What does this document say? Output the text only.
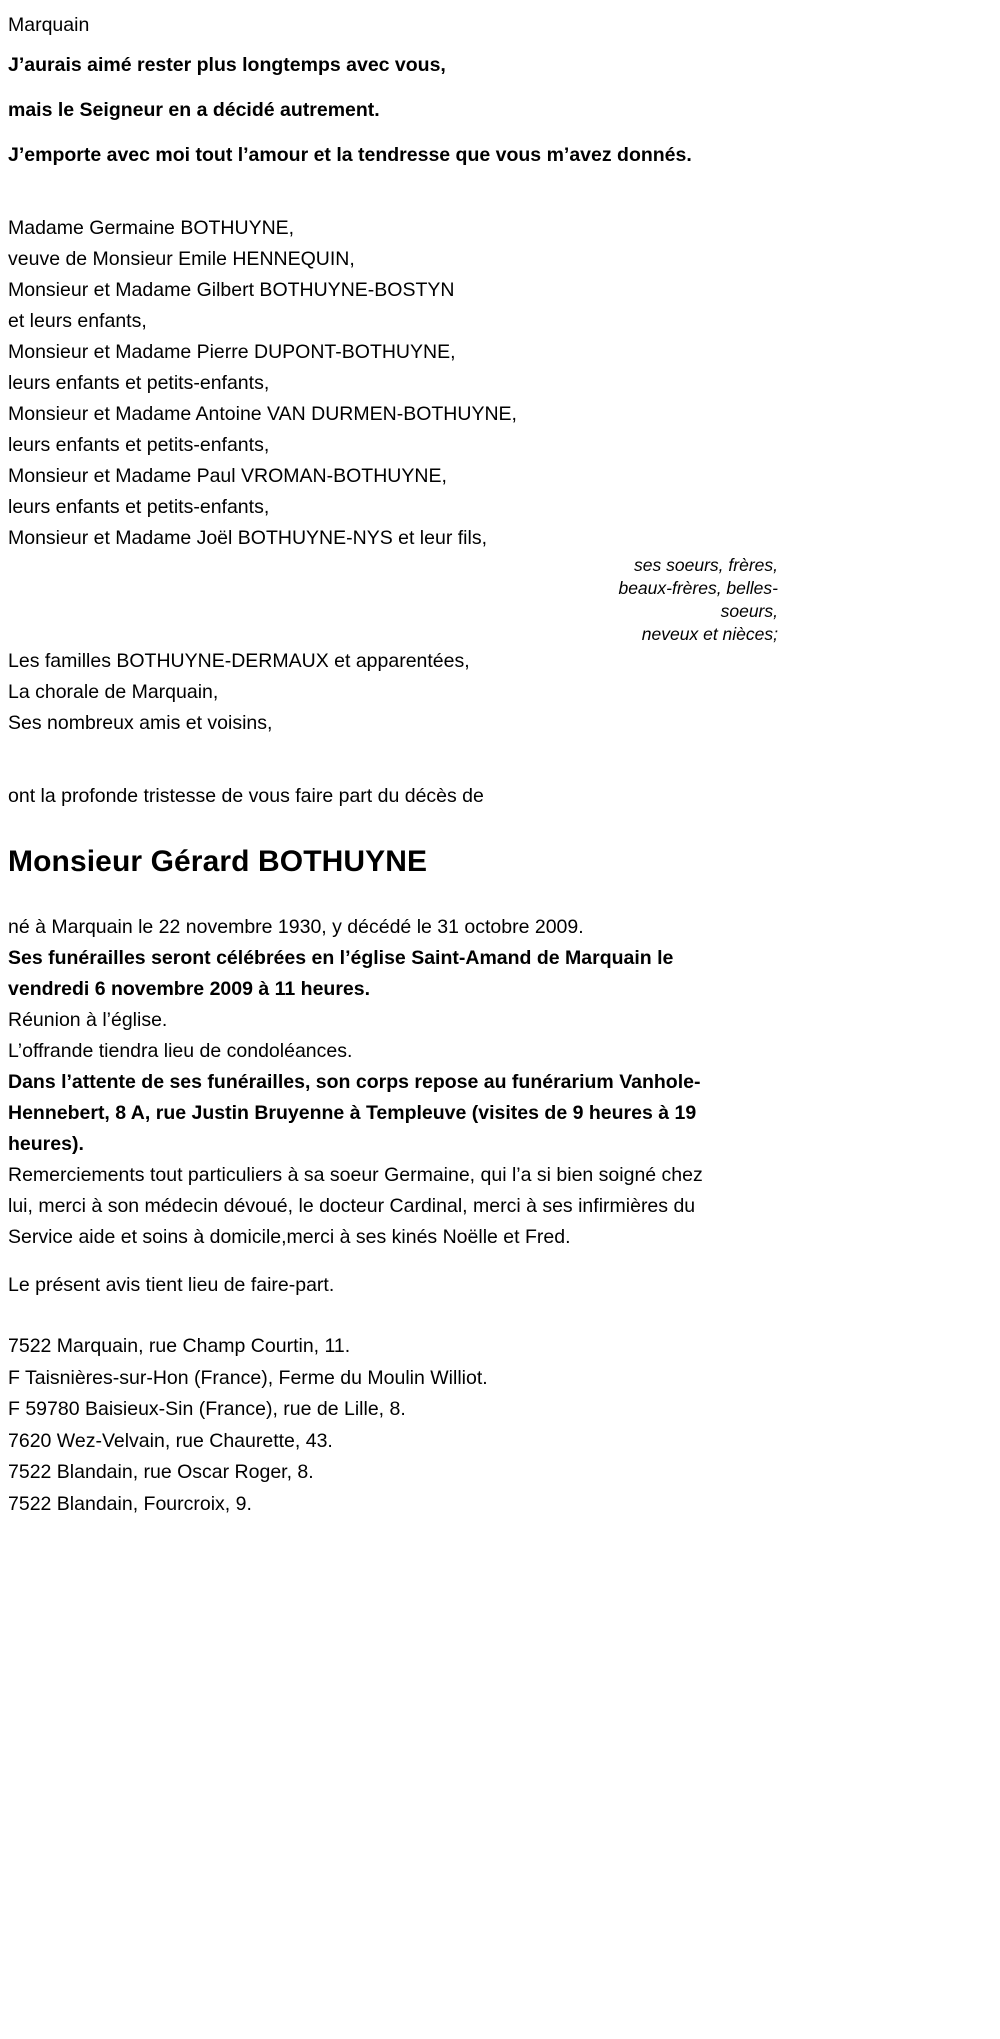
Marquain
J’aurais aimé rester plus longtemps avec vous,
mais le Seigneur en a décidé autrement.
J’emporte avec moi tout l’amour et la tendresse que vous m’avez donnés.
Madame Germaine BOTHUYNE,
veuve de Monsieur Emile HENNEQUIN,
Monsieur et Madame Gilbert BOTHUYNE-BOSTYN
et leurs enfants,
Monsieur et Madame Pierre DUPONT-BOTHUYNE,
leurs enfants et petits-enfants,
Monsieur et Madame Antoine VAN DURMEN-BOTHUYNE,
leurs enfants et petits-enfants,
Monsieur et Madame Paul VROMAN-BOTHUYNE,
leurs enfants et petits-enfants,
Monsieur et Madame Joël BOTHUYNE-NYS et leur fils,
ses soeurs, frères,
beaux-frères, belles-
soeurs,
neveux et nièces;
Les familles BOTHUYNE-DERMAUX et apparentées,
La chorale de Marquain,
Ses nombreux amis et voisins,
ont la profonde tristesse de vous faire part du décès de
Monsieur Gérard BOTHUYNE
né à Marquain le 22 novembre 1930, y décédé le 31 octobre 2009.
Ses funérailles seront célébrées en l’église Saint-Amand de Marquain le vendredi 6 novembre 2009 à 11 heures.
Réunion à l’église.
L’offrande tiendra lieu de condoléances.
Dans l’attente de ses funérailles, son corps repose au funérarium Vanhole-Hennebert, 8 A, rue Justin Bruyenne à Templeuve (visites de 9 heures à 19 heures).
Remerciements tout particuliers à sa soeur Germaine, qui l’a si bien soigné chez lui, merci à son médecin dévoué, le docteur Cardinal, merci à ses infirmières du Service aide et soins à domicile,merci à ses kinés Noëlle et Fred.
Le présent avis tient lieu de faire-part.
7522 Marquain, rue Champ Courtin, 11.
F Taisnières-sur-Hon (France), Ferme du Moulin Williot.
F 59780 Baisieux-Sin (France), rue de Lille, 8.
7620 Wez-Velvain, rue Chaurette, 43.
7522 Blandain, rue Oscar Roger, 8.
7522 Blandain, Fourcroix, 9.
